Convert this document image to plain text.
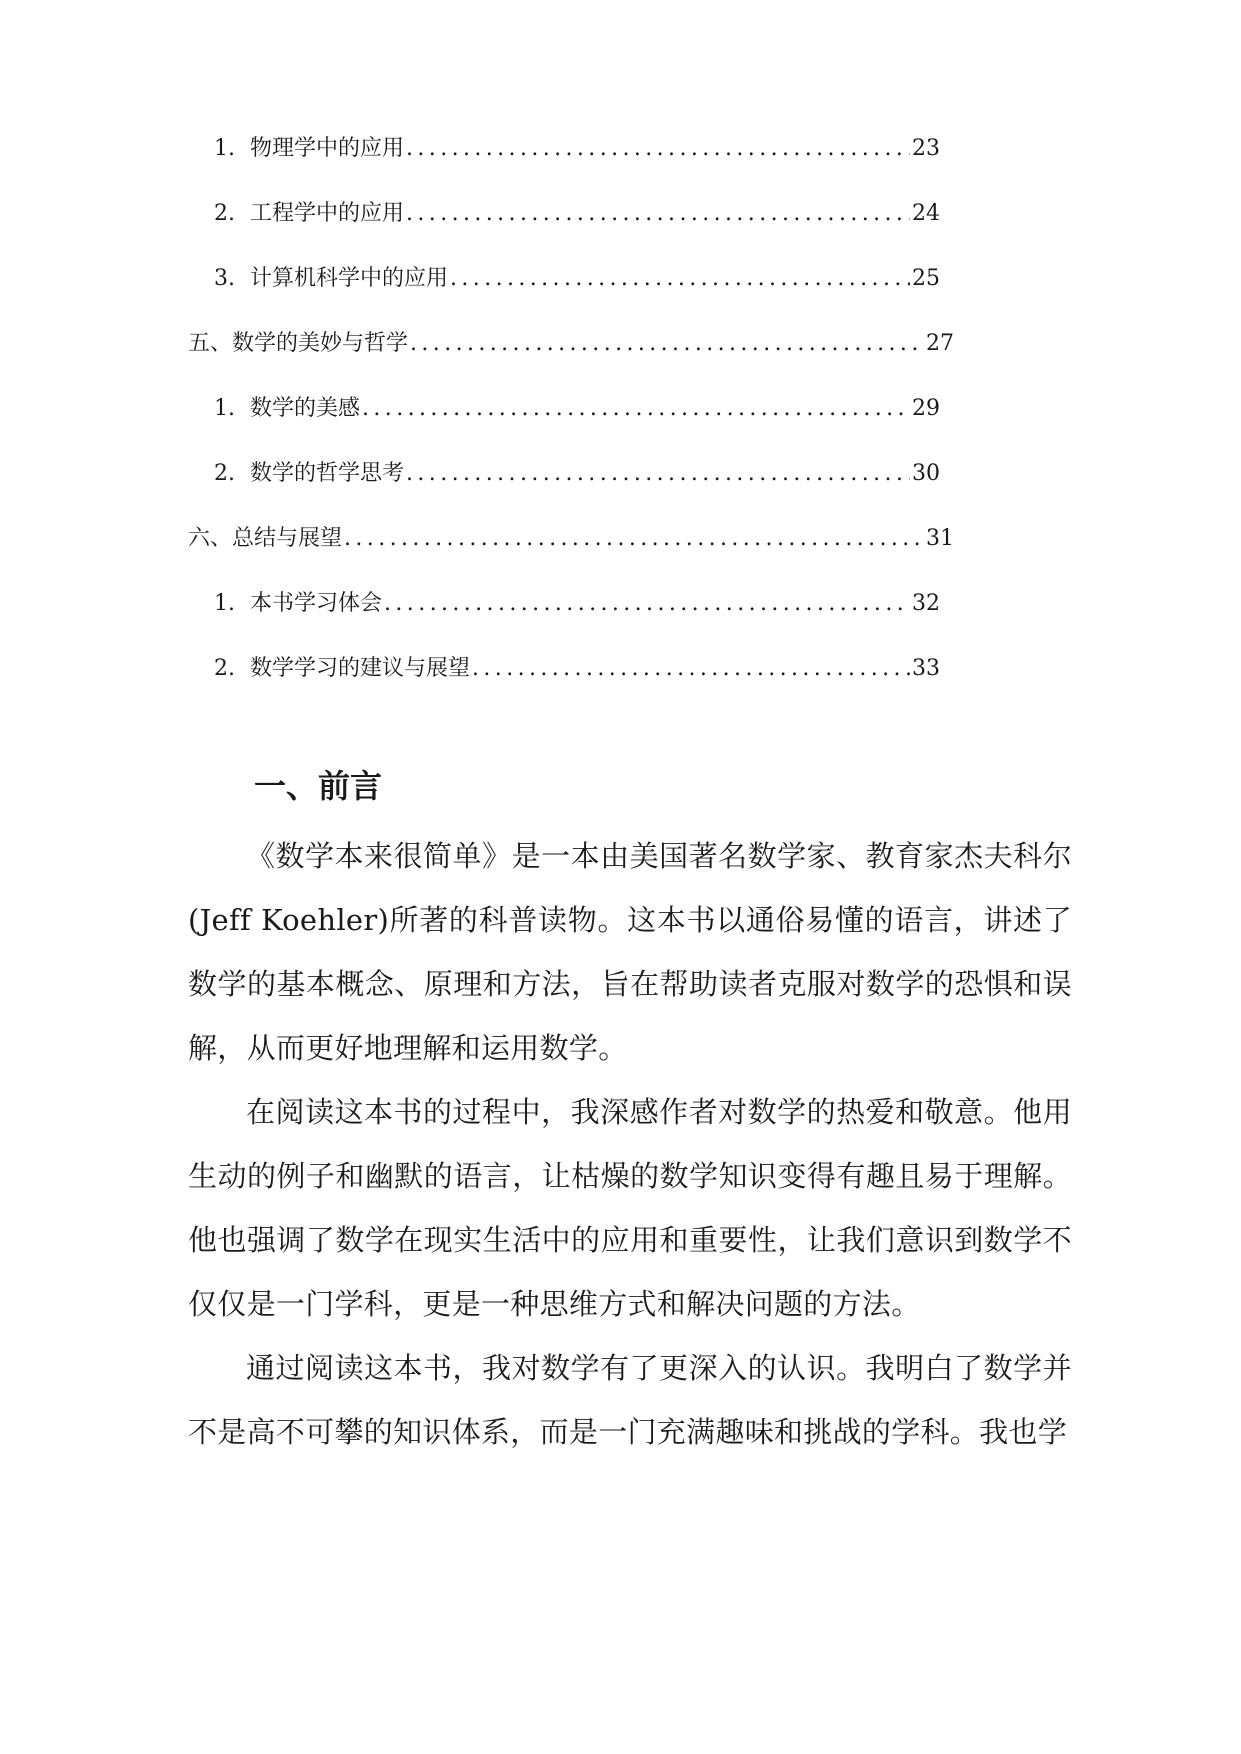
1. 物理学中的应用 .....	23
2. 工程学中的应用 .....	24
3. 计算机科学中的应用 .....	25
五、数学的美妙与哲学 .....	27
1. 数学的美感 .....	29
2. 数学的哲学思考 .....	30
六、总结与展望 .....	31
1. 本书学习体会 .....	32
2. 数学学习的建议与展望 .....	33
一、前言

《数学本来很简单》是一本由美国著名数学家、教育家杰夫科尔(Jeff Koehler)所著的科普读物。这本书以通俗易懂的语言，讲述了数学的基本概念、原理和方法，旨在帮助读者克服对数学的恐惧和误解，从而更好地理解和运用数学。

在阅读这本书的过程中，我深感作者对数学的热爱和敬意。他用生动的例子和幽默的语言，让枯燥的数学知识变得有趣且易于理解。他也强调了数学在现实生活中的应用和重要性，让我们意识到数学不仅仅是一门学科，更是一种思维方式和解决问题的方法。

通过阅读这本书，我对数学有了更深入的认识。我明白了数学并不是高不可攀的知识体系，而是一门充满趣味和挑战的学科。我也学
